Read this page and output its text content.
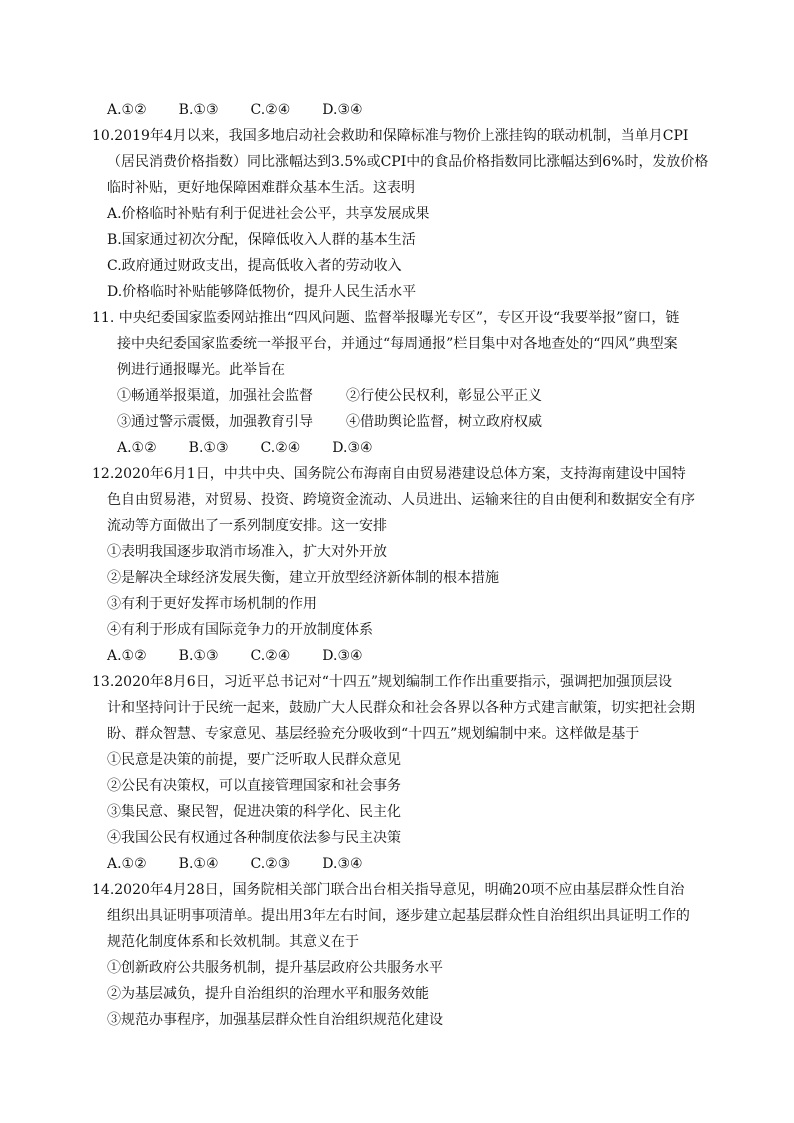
A.①② B.①③ C.②④ D.③④
10.2019年4月以来，我国多地启动社会救助和保障标准与物价上涨挂钩的联动机制，当单月CPI
（居民消费价格指数）同比涨幅达到3.5%或CPI中的食品价格指数同比涨幅达到6%时，发放价格
临时补贴，更好地保障困难群众基本生活。这表明
A.价格临时补贴有利于促进社会公平，共享发展成果
B.国家通过初次分配，保障低收入人群的基本生活
C.政府通过财政支出，提高低收入者的劳动收入
D.价格临时补贴能够降低物价，提升人民生活水平
11. 中央纪委国家监委网站推出“四风问题、监督举报曝光专区”，专区开设“我要举报”窗口，链
接中央纪委国家监委统一举报平台，并通过“每周通报”栏目集中对各地查处的“四风”典型案
例进行通报曝光。此举旨在
①畅通举报渠道，加强社会监督 ②行使公民权利，彰显公平正义
③通过警示震慑，加强教育引导 ④借助舆论监督，树立政府权威
A.①② B.①③ C.②④ D.③④
12.2020年6月1日，中共中央、国务院公布海南自由贸易港建设总体方案，支持海南建设中国特
色自由贸易港，对贸易、投资、跨境资金流动、人员进出、运输来往的自由便利和数据安全有序
流动等方面做出了一系列制度安排。这一安排
①表明我国逐步取消市场准入，扩大对外开放
②是解决全球经济发展失衡，建立开放型经济新体制的根本措施
③有利于更好发挥市场机制的作用
④有利于形成有国际竞争力的开放制度体系
A.①② B.①③ C.②④ D.③④
13.2020年8月6日，习近平总书记对“十四五”规划编制工作作出重要指示，强调把加强顶层设
计和坚持问计于民统一起来，鼓励广大人民群众和社会各界以各种方式建言献策，切实把社会期
盼、群众智慧、专家意见、基层经验充分吸收到“十四五”规划编制中来。这样做是基于
①民意是决策的前提，要广泛听取人民群众意见
②公民有决策权，可以直接管理国家和社会事务
③集民意、聚民智，促进决策的科学化、民主化
④我国公民有权通过各种制度依法参与民主决策
A.①② B.①④ C.②③ D.③④
14.2020年4月28日，国务院相关部门联合出台相关指导意见，明确20项不应由基层群众性自治
组织出具证明事项清单。提出用3年左右时间，逐步建立起基层群众性自治组织出具证明工作的
规范化制度体系和长效机制。其意义在于
①创新政府公共服务机制，提升基层政府公共服务水平
②为基层减负，提升自治组织的治理水平和服务效能
③规范办事程序，加强基层群众性自治组织规范化建设
